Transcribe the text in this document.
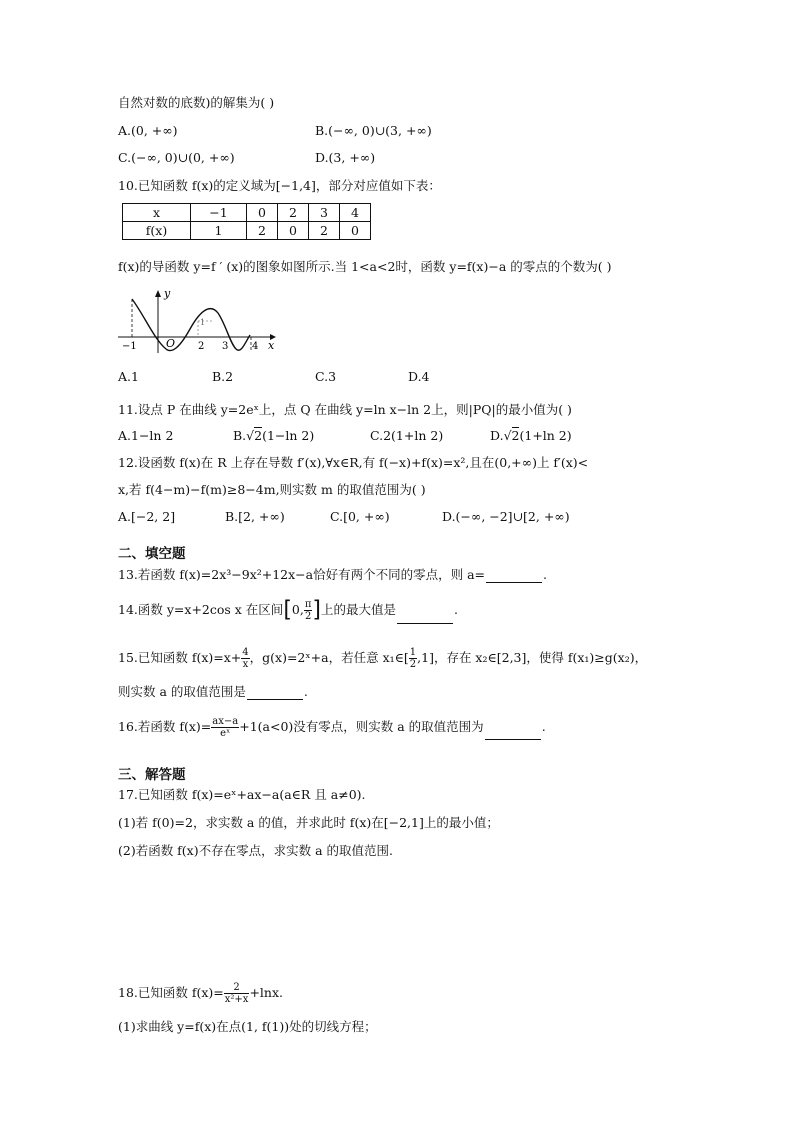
自然对数的底数)的解集为( )
A.(0, +∞)	B.(−∞, 0)∪(3, +∞)
C.(−∞, 0)∪(0, +∞)	D.(3, +∞)
10.已知函数 f(x)的定义域为[−1,4]，部分对应值如下表：
x	−1	0	2	3	4
f(x)	1	2	0	2	0
f(x)的导函数 y=f ′ (x)的图象如图所示.当 1<a<2时，函数 y=f(x)−a 的零点的个数为( )
y
x
O
−1	2 3 4
1
A.1	B.2	C.3	D.4
11.设点 P 在曲线 y=2eˣ上，点 Q 在曲线 y=ln x−ln 2上，则|PQ|的最小值为( )
A.1−ln 2	B.√2(1−ln 2)	C.2(1+ln 2)	D.√2(1+ln 2)
12.设函数 f(x)在 R 上存在导数 f′(x),∀x∈R,有 f(−x)+f(x)=x²,且在(0,+∞)上 f′(x)<
x,若 f(4−m)−f(m)≥8−4m,则实数 m 的取值范围为( )
A.[−2, 2]	B.[2, +∞)	C.[0, +∞)	D.(−∞, −2]∪[2, +∞)
二、填空题
13.若函数 f(x)=2x³−9x²+12x−a恰好有两个不同的零点，则 a=	.
14.函数 y=x+2cos x 在区间[0, $\frac{\pi}{2}$ ]上的最大值是	.
15.已知函数 $f(x)=x+ \frac{4}{x}$ ，g(x)=2ˣ+a，若任意 x₁∈[ $\frac{1}{2} ,1$]，存在 x₂∈[2,3]，使得 f(x₁)≥g(x₂)，
则实数 a 的取值范围是	.
16.若函数 $f(x)= \frac{ax-a}{\text{eˣ}} +1(a<0)$没有零点，则实数 a 的取值范围为	.
三、解答题
17.已知函数 f(x)=eˣ+ax−a(a∈R 且 a≠0).
(1)若 f(0)=2，求实数 a 的值，并求此时 f(x)在[−2,1]上的最小值；
(2)若函数 f(x)不存在零点，求实数 a 的取值范围.
18.已知函数 $f(x)= \frac{2}{\text{x²+x}} +\ln x$.
(1)求曲线 y=f(x)在点(1, f(1))处的切线方程；
